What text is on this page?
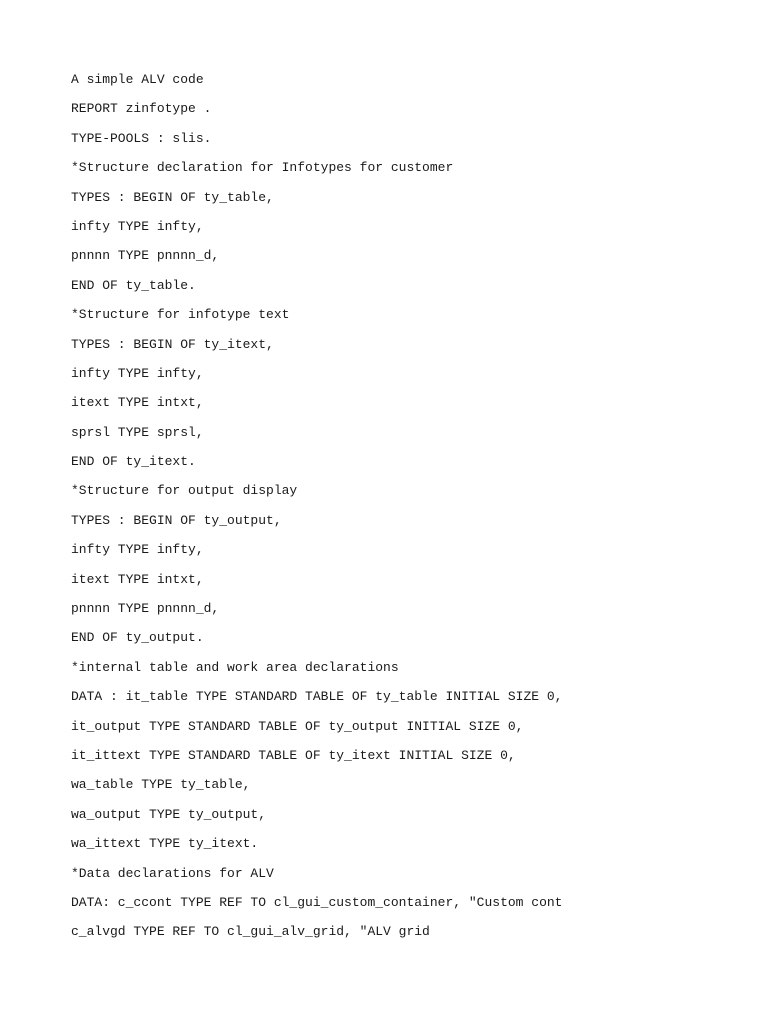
A simple ALV code
REPORT zinfotype .
TYPE-POOLS : slis.
*Structure declaration for Infotypes for customer
TYPES : BEGIN OF ty_table,
infty TYPE infty,
pnnnn TYPE pnnnn_d,
END OF ty_table.
*Structure for infotype text
TYPES : BEGIN OF ty_itext,
infty TYPE infty,
itext TYPE intxt,
sprsl TYPE sprsl,
END OF ty_itext.
*Structure for output display
TYPES : BEGIN OF ty_output,
infty TYPE infty,
itext TYPE intxt,
pnnnn TYPE pnnnn_d,
END OF ty_output.
*internal table and work area declarations
DATA : it_table TYPE STANDARD TABLE OF ty_table INITIAL SIZE 0,
it_output TYPE STANDARD TABLE OF ty_output INITIAL SIZE 0,
it_ittext TYPE STANDARD TABLE OF ty_itext INITIAL SIZE 0,
wa_table TYPE ty_table,
wa_output TYPE ty_output,
wa_ittext TYPE ty_itext.
*Data declarations for ALV
DATA: c_ccont TYPE REF TO cl_gui_custom_container, "Custom cont
c_alvgd TYPE REF TO cl_gui_alv_grid, "ALV grid
